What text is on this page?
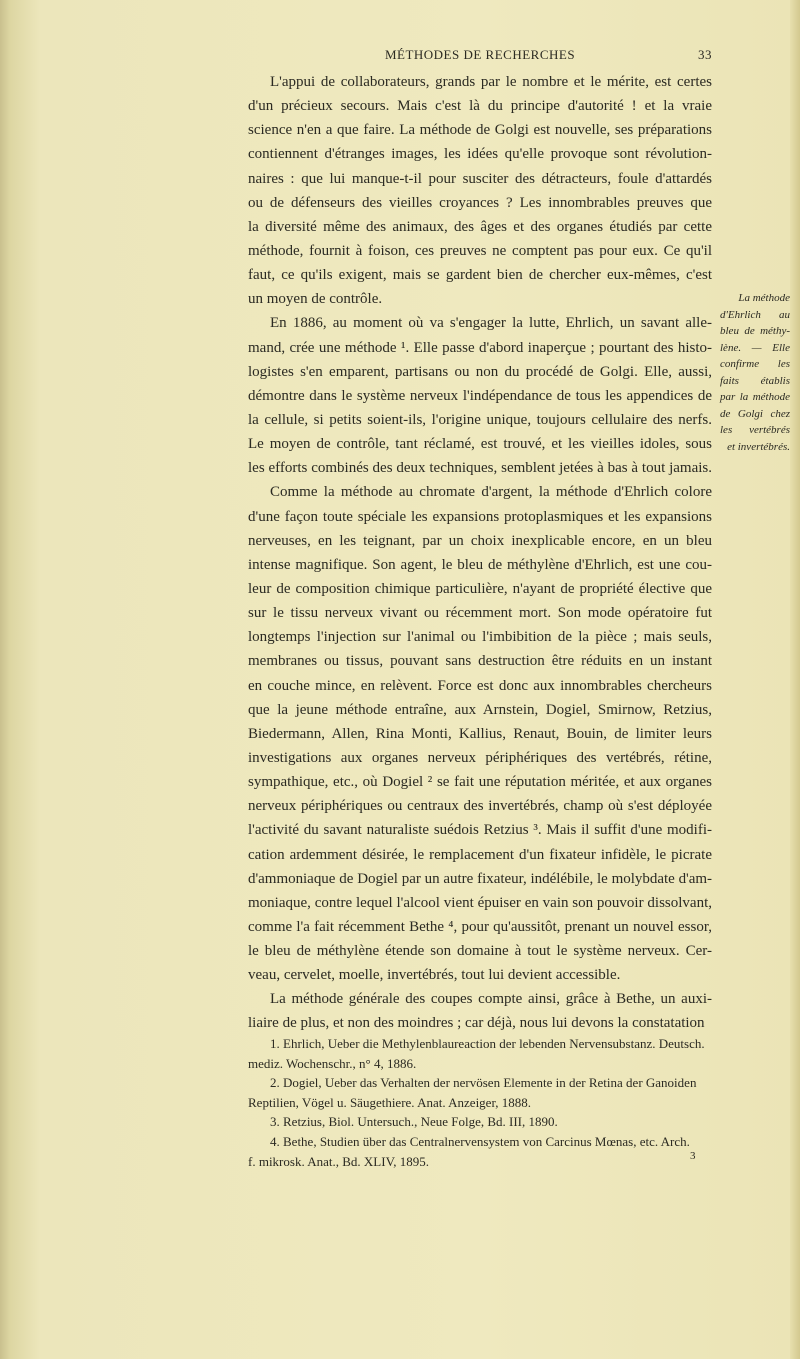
MÉTHODES DE RECHERCHES	33
L'appui de collaborateurs, grands par le nombre et le mérite, est certes
d'un précieux secours. Mais c'est là du principe d'autorité ! et la vraie
science n'en a que faire. La méthode de Golgi est nouvelle, ses préparations
contiennent d'étranges images, les idées qu'elle provoque sont révolution-
naires : que lui manque-t-il pour susciter des détracteurs, foule d'attardés
ou de défenseurs des vieilles croyances ? Les innombrables preuves que
la diversité même des animaux, des âges et des organes étudiés par cette
méthode, fournit à foison, ces preuves ne comptent pas pour eux. Ce qu'il
faut, ce qu'ils exigent, mais se gardent bien de chercher eux-mêmes, c'est
un moyen de contrôle.
En 1886, au moment où va s'engager la lutte, Ehrlich, un savant alle-
mand, crée une méthode ¹. Elle passe d'abord inaperçue ; pourtant des histo-
logistes s'en emparent, partisans ou non du procédé de Golgi. Elle, aussi,
démontre dans le système nerveux l'indépendance de tous les appendices de
la cellule, si petits soient-ils, l'origine unique, toujours cellulaire des nerfs.
Le moyen de contrôle, tant réclamé, est trouvé, et les vieilles idoles, sous
les efforts combinés des deux techniques, semblent jetées à bas à tout jamais.
Comme la méthode au chromate d'argent, la méthode d'Ehrlich colore
d'une façon toute spéciale les expansions protoplasmiques et les expansions
nerveuses, en les teignant, par un choix inexplicable encore, en un bleu
intense magnifique. Son agent, le bleu de méthylène d'Ehrlich, est une cou-
leur de composition chimique particulière, n'ayant de propriété élective que
sur le tissu nerveux vivant ou récemment mort. Son mode opératoire fut
longtemps l'injection sur l'animal ou l'imbibition de la pièce ; mais seuls,
membranes ou tissus, pouvant sans destruction être réduits en un instant
en couche mince, en relèvent. Force est donc aux innombrables chercheurs
que la jeune méthode entraîne, aux Arnstein, Dogiel, Smirnow, Retzius,
Biedermann, Allen, Rina Monti, Kallius, Renaut, Bouin, de limiter leurs
investigations aux organes nerveux périphériques des vertébrés, rétine,
sympathique, etc., où Dogiel ² se fait une réputation méritée, et aux organes
nerveux périphériques ou centraux des invertébrés, champ où s'est déployée
l'activité du savant naturaliste suédois Retzius ³. Mais il suffit d'une modifi-
cation ardemment désirée, le remplacement d'un fixateur infidèle, le picrate
d'ammoniaque de Dogiel par un autre fixateur, indélébile, le molybdate d'am-
moniaque, contre lequel l'alcool vient épuiser en vain son pouvoir dissolvant,
comme l'a fait récemment Bethe ⁴, pour qu'aussitôt, prenant un nouvel essor,
le bleu de méthylène étende son domaine à tout le système nerveux. Cer-
veau, cervelet, moelle, invertébrés, tout lui devient accessible.
La méthode générale des coupes compte ainsi, grâce à Bethe, un auxi-
liaire de plus, et non des moindres ; car déjà, nous lui devons la constatation
La méthode
d'Ehrlich au
bleu de méthy-
lène. — Elle
confirme les
faits établis
par la méthode
de Golgi chez
les vertébrés
et invertébrés.
1. Ehrlich, Ueber die Methylenblaureaction der lebenden Nervensubstanz. Deutsch.
mediz. Wochenschr., n° 4, 1886.
2. Dogiel, Ueber das Verhalten der nervösen Elemente in der Retina der Ganoiden
Reptilien, Vögel u. Säugethiere. Anat. Anzeiger, 1888.
3. Retzius, Biol. Untersuch., Neue Folge, Bd. III, 1890.
4. Bethe, Studien über das Centralnervensystem von Carcinus Mœnas, etc. Arch.
f. mikrosk. Anat., Bd. XLIV, 1895.	3
